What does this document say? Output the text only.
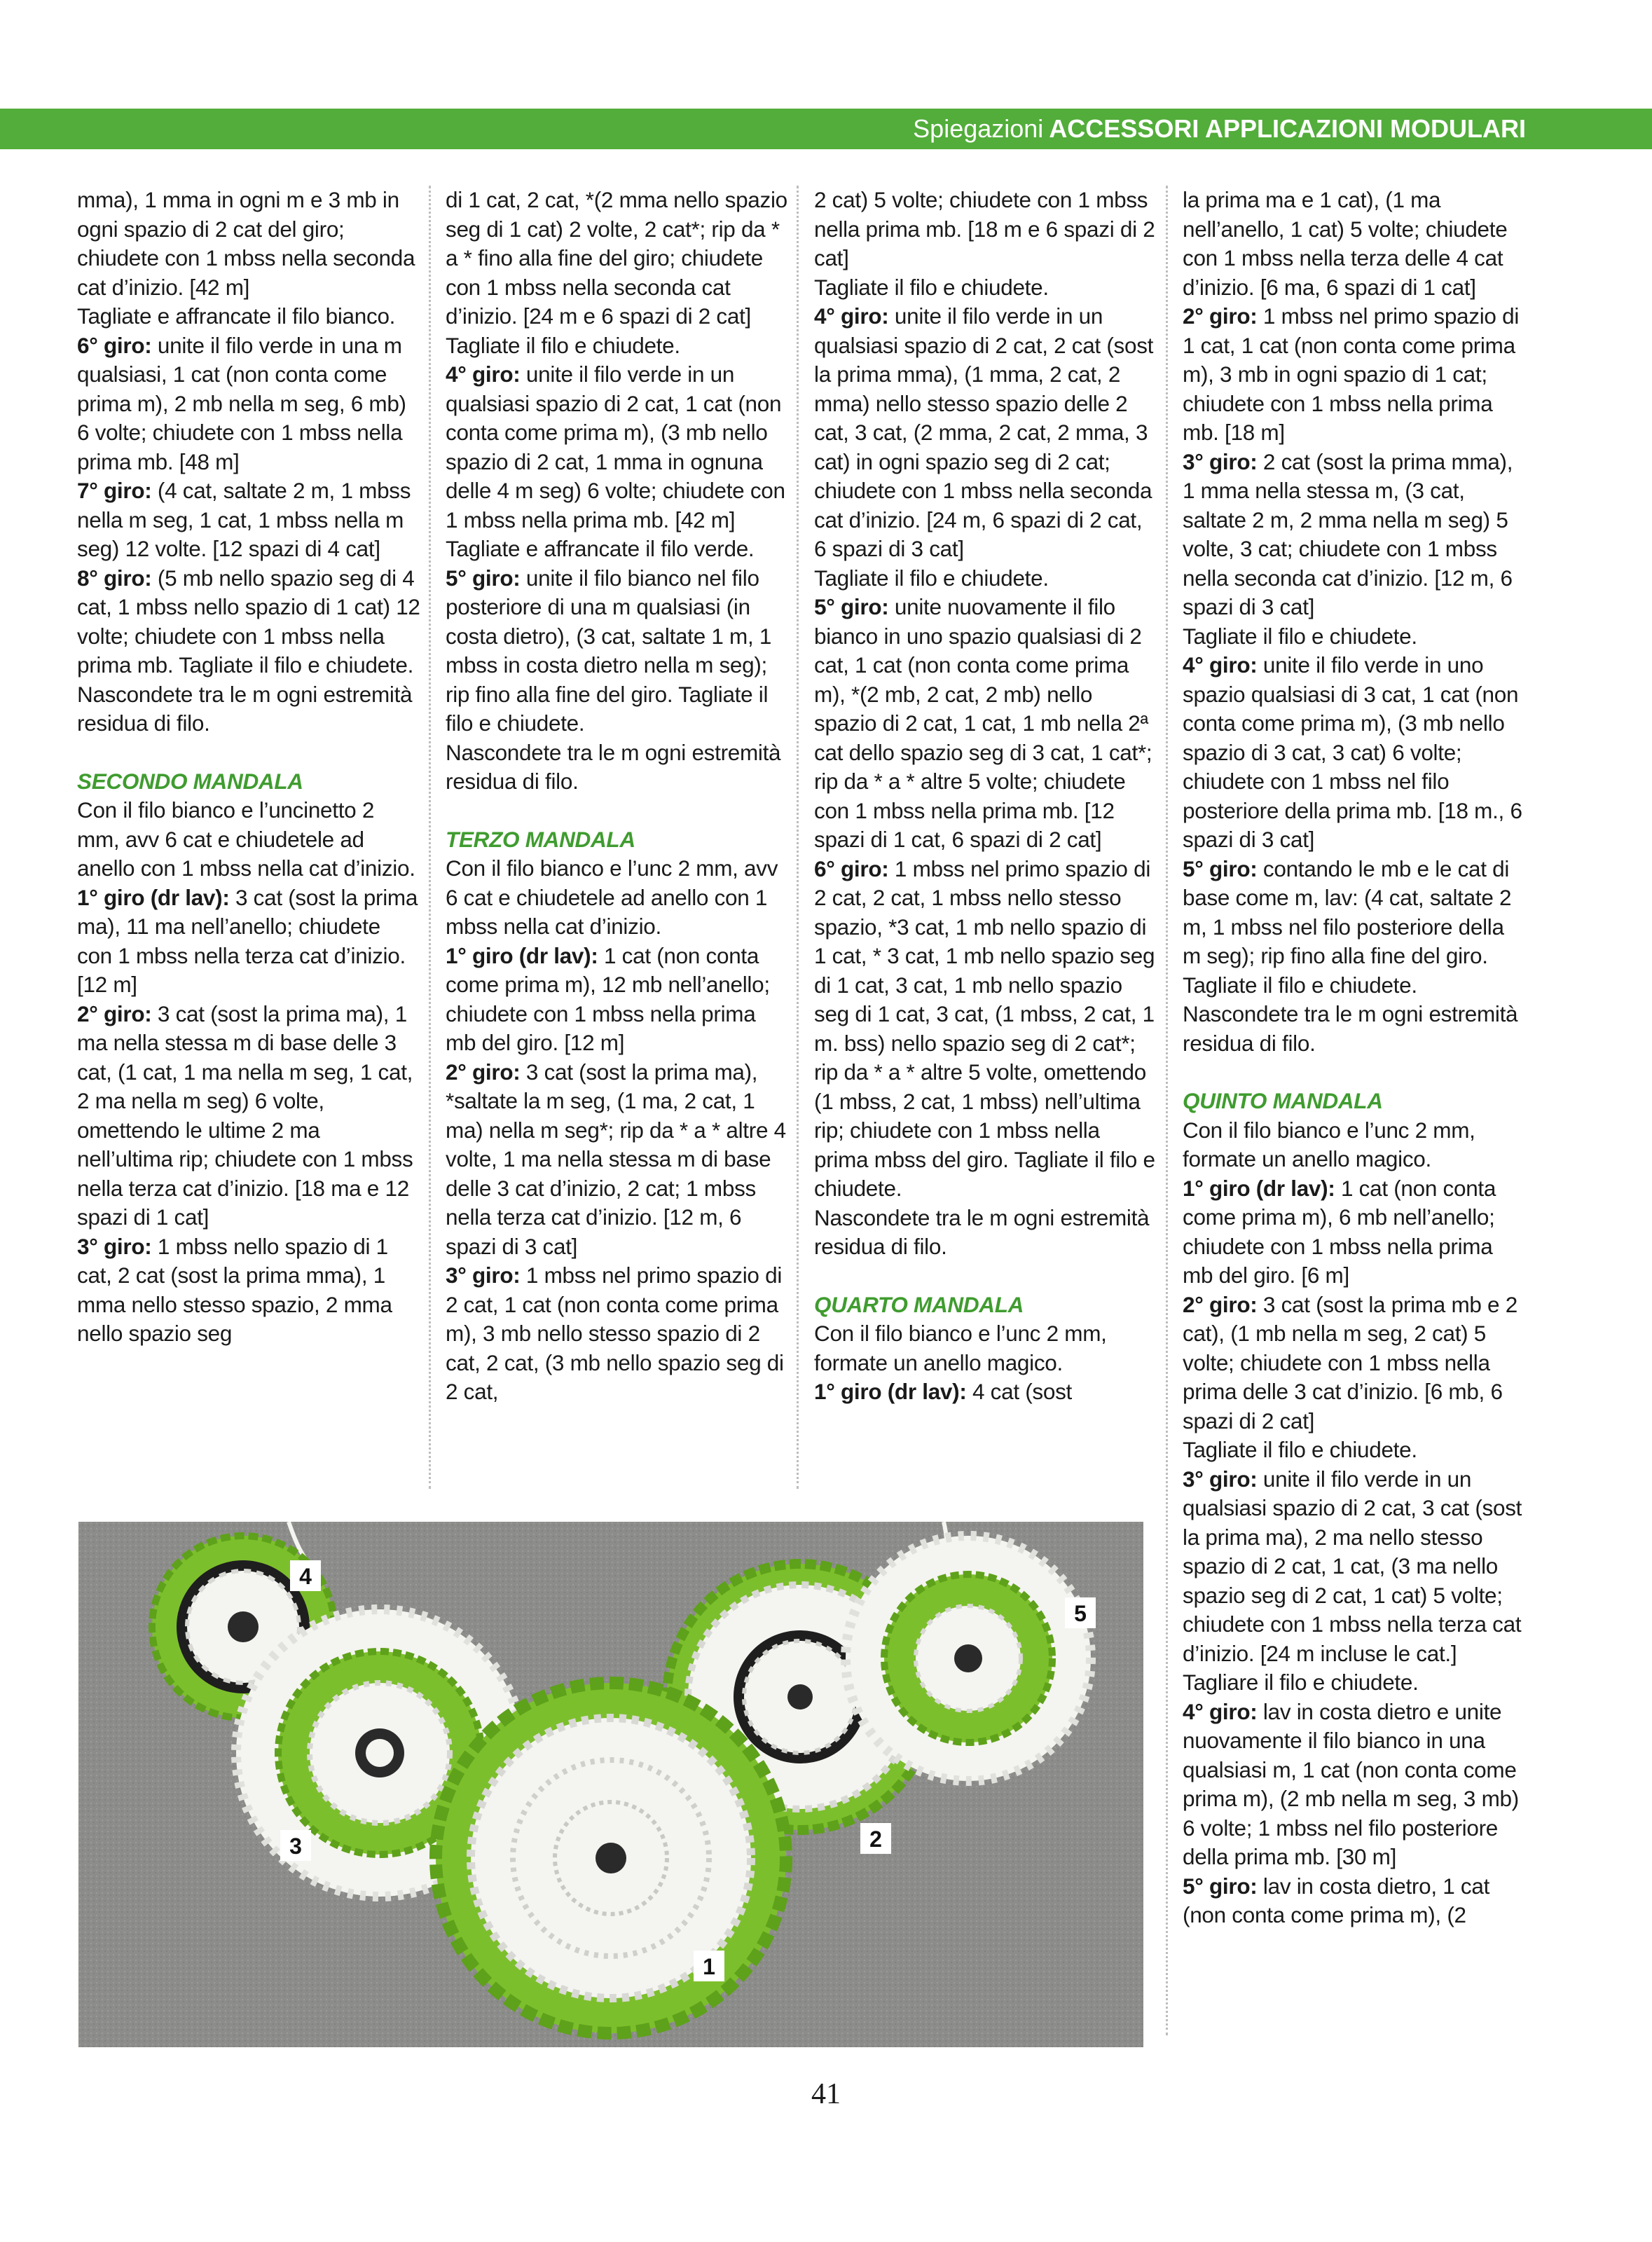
Spiegazioni ACCESSORI APPLICAZIONI MODULARI

mma), 1 mma in ogni m e 3 mb in ogni spazio di 2 cat del giro; chiudete con 1 mbss nella seconda cat d’inizio. [42 m]

Tagliate e affrancate il filo bianco.

6° giro: unite il filo verde in una m qualsiasi, 1 cat (non conta come prima m), 2 mb nella m seg, 6 mb) 6 volte; chiudete con 1 mbss nella prima mb. [48 m]

7° giro: (4 cat, saltate 2 m, 1 mbss nella m seg, 1 cat, 1 mbss nella m seg) 12 volte. [12 spazi di 4 cat]

8° giro: (5 mb nello spazio seg di 4 cat, 1 mbss nello spazio di 1 cat) 12 volte; chiudete con 1 mbss nella prima mb. Tagliate il filo e chiudete.

Nascondete tra le m ogni estremità residua di filo.

SECONDO MANDALA

Con il filo bianco e l’uncinetto 2 mm, avv 6 cat e chiudetele ad anello con 1 mbss nella cat d’inizio.

1° giro (dr lav): 3 cat (sost la prima ma), 11 ma nell’anello; chiudete con 1 mbss nella terza cat d’inizio. [12 m]

2° giro: 3 cat (sost la prima ma), 1 ma nella stessa m di base delle 3 cat, (1 cat, 1 ma nella m seg, 1 cat, 2 ma nella m seg) 6 volte, omettendo le ultime 2 ma nell’ultima rip; chiudete con 1 mbss nella terza cat d’inizio. [18 ma e 12 spazi di 1 cat]

3° giro: 1 mbss nello spazio di 1 cat, 2 cat (sost la prima mma), 1 mma nello stesso spazio, 2 mma nello spazio seg

di 1 cat, 2 cat, *(2 mma nello spazio seg di 1 cat) 2 volte, 2 cat*; rip da * a * fino alla fine del giro; chiudete con 1 mbss nella seconda cat d’inizio. [24 m e 6 spazi di 2 cat]

Tagliate il filo e chiudete.

4° giro: unite il filo verde in un qualsiasi spazio di 2 cat, 1 cat (non conta come prima m), (3 mb nello spazio di 2 cat, 1 mma in ognuna delle 4 m seg) 6 volte; chiudete con 1 mbss nella prima mb. [42 m]

Tagliate e affrancate il filo verde.

5° giro: unite il filo bianco nel filo posteriore di una m qualsiasi (in costa dietro), (3 cat, saltate 1 m, 1 mbss in costa dietro nella m seg); rip fino alla fine del giro. Tagliate il filo e chiudete.

Nascondete tra le m ogni estremità residua di filo.

TERZO MANDALA

Con il filo bianco e l’unc 2 mm, avv 6 cat e chiudetele ad anello con 1 mbss nella cat d’inizio.

1° giro (dr lav): 1 cat (non conta come prima m), 12 mb nell’anello; chiudete con 1 mbss nella prima mb del giro. [12 m]

2° giro: 3 cat (sost la prima ma), *saltate la m seg, (1 ma, 2 cat, 1 ma) nella m seg*; rip da * a * altre 4 volte, 1 ma nella stessa m di base delle 3 cat d’inizio, 2 cat; 1 mbss nella terza cat d’inizio. [12 m, 6 spazi di 3 cat]

3° giro: 1 mbss nel primo spazio di 2 cat, 1 cat (non conta come prima m), 3 mb nello stesso spazio di 2 cat, 2 cat, (3 mb nello spazio seg di 2 cat,

2 cat) 5 volte; chiudete con 1 mbss nella prima mb. [18 m e 6 spazi di 2 cat]

Tagliate il filo e chiudete.

4° giro: unite il filo verde in un qualsiasi spazio di 2 cat, 2 cat (sost la prima mma), (1 mma, 2 cat, 2 mma) nello stesso spazio delle 2 cat, 3 cat, (2 mma, 2 cat, 2 mma, 3 cat) in ogni spazio seg di 2 cat; chiudete con 1 mbss nella seconda cat d’inizio. [24 m, 6 spazi di 2 cat, 6 spazi di 3 cat]

Tagliate il filo e chiudete.

5° giro: unite nuovamente il filo bianco in uno spazio qualsiasi di 2 cat, 1 cat (non conta come prima m), *(2 mb, 2 cat, 2 mb) nello spazio di 2 cat, 1 cat, 1 mb nella 2ª cat dello spazio seg di 3 cat, 1 cat*; rip da * a * altre 5 volte; chiudete con 1 mbss nella prima mb. [12 spazi di 1 cat, 6 spazi di 2 cat]

6° giro: 1 mbss nel primo spazio di 2 cat, 2 cat, 1 mbss nello stesso spazio, *3 cat, 1 mb nello spazio di 1 cat, * 3 cat, 1 mb nello spazio seg di 1 cat, 3 cat, 1 mb nello spazio seg di 1 cat, 3 cat, (1 mbss, 2 cat, 1 m. bss) nello spazio seg di 2 cat*; rip da * a * altre 5 volte, omettendo (1 mbss, 2 cat, 1 mbss) nell’ultima rip; chiudete con 1 mbss nella prima mbss del giro. Tagliate il filo e chiudete.

Nascondete tra le m ogni estremità residua di filo.

QUARTO MANDALA

Con il filo bianco e l’unc 2 mm, formate un anello magico.

1° giro (dr lav): 4 cat (sost

la prima ma e 1 cat), (1 ma nell’anello, 1 cat) 5 volte; chiudete con 1 mbss nella terza delle 4 cat d’inizio. [6 ma, 6 spazi di 1 cat]

2° giro: 1 mbss nel primo spazio di 1 cat, 1 cat (non conta come prima m), 3 mb in ogni spazio di 1 cat; chiudete con 1 mbss nella prima mb. [18 m]

3° giro: 2 cat (sost la prima mma), 1 mma nella stessa m, (3 cat, saltate 2 m, 2 mma nella m seg) 5 volte, 3 cat; chiudete con 1 mbss nella seconda cat d’inizio. [12 m, 6 spazi di 3 cat]

Tagliate il filo e chiudete.

4° giro: unite il filo verde in uno spazio qualsiasi di 3 cat, 1 cat (non conta come prima m), (3 mb nello spazio di 3 cat, 3 cat) 6 volte; chiudete con 1 mbss nel filo posteriore della prima mb. [18 m., 6 spazi di 3 cat]

5° giro: contando le mb e le cat di base come m, lav: (4 cat, saltate 2 m, 1 mbss nel filo posteriore della m seg); rip fino alla fine del giro. Tagliate il filo e chiudete.

Nascondete tra le m ogni estremità residua di filo.

QUINTO MANDALA

Con il filo bianco e l’unc 2 mm, formate un anello magico.

1° giro (dr lav): 1 cat (non conta come prima m), 6 mb nell’anello; chiudete con 1 mbss nella prima mb del giro. [6 m]

2° giro: 3 cat (sost la prima mb e 2 cat), (1 mb nella m seg, 2 cat) 5 volte; chiudete con 1 mbss nella prima delle 3 cat d’inizio. [6 mb, 6 spazi di 2 cat]

Tagliate il filo e chiudete.

3° giro: unite il filo verde in un qualsiasi spazio di 2 cat, 3 cat (sost la prima ma), 2 ma nello stesso spazio di 2 cat, 1 cat, (3 ma nello spazio seg di 2 cat, 1 cat) 5 volte; chiudete con 1 mbss nella terza cat d’inizio. [24 m incluse le cat.]

Tagliare il filo e chiudete.

4° giro: lav in costa dietro e unite nuovamente il filo bianco in una qualsiasi m, 1 cat (non conta come prima m), (2 mb nella m seg, 3 mb) 6 volte; 1 mbss nel filo posteriore della prima mb. [30 m]

5° giro: lav in costa dietro, 1 cat (non conta come prima m), (2

4
3
1
2
5
41
